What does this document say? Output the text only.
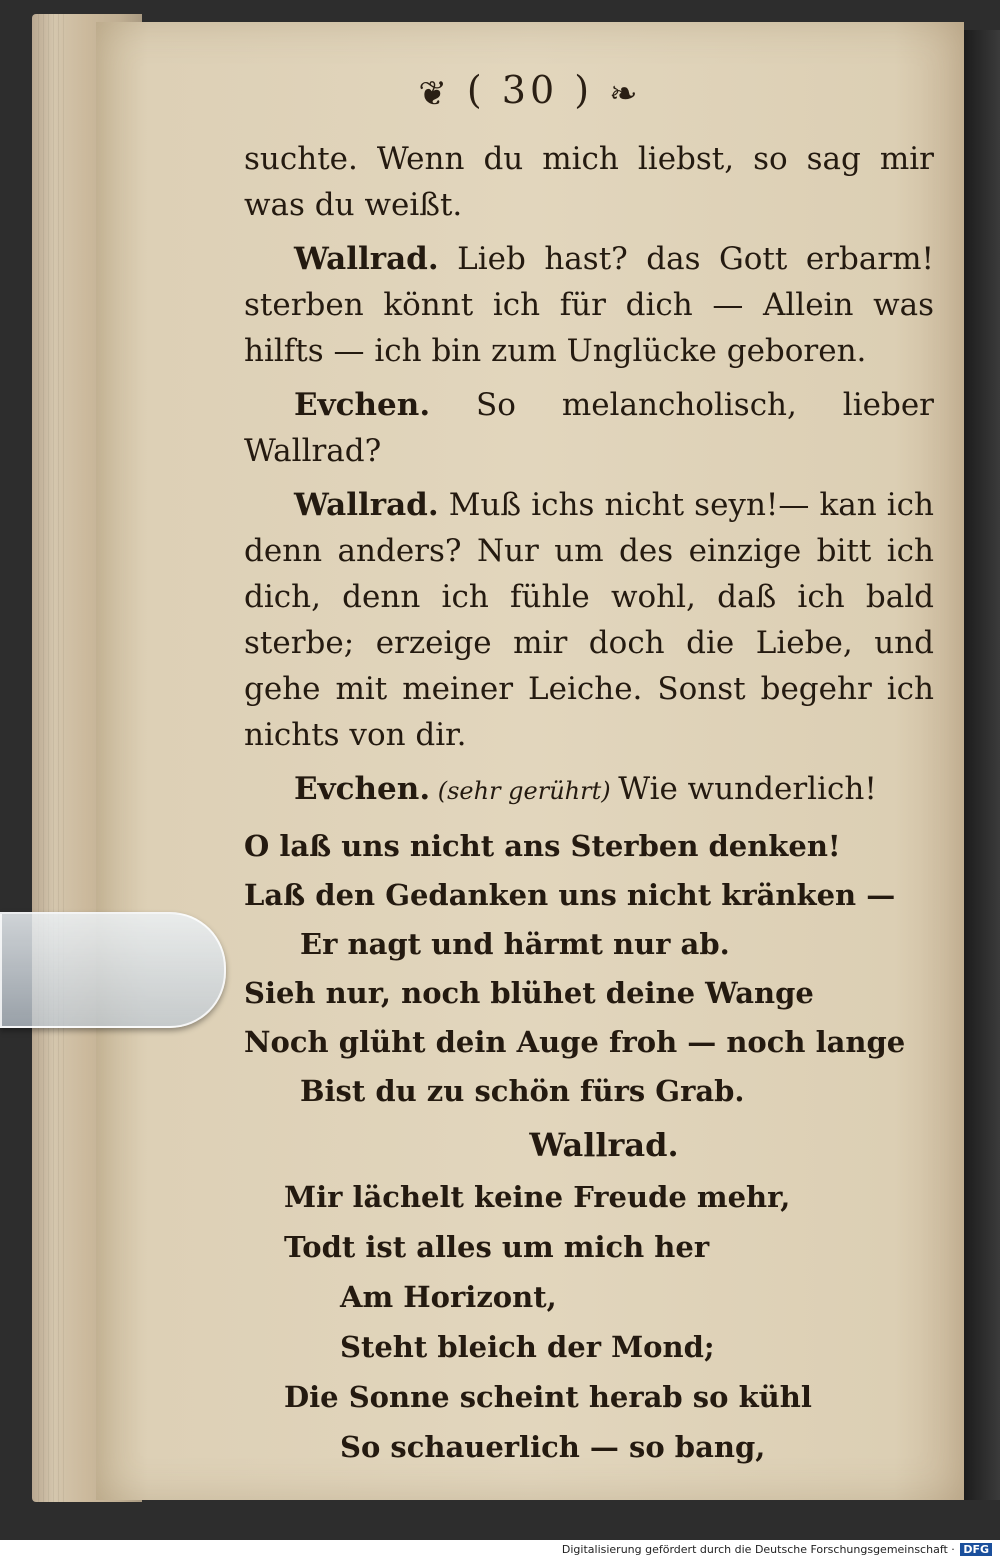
❦ ( 30 ) ❧

suchte. Wenn du mich liebst, so sag mir was du weißt.

Wallrad. Lieb hast? das Gott erbarm! sterben könnt ich für dich — Allein was hilfts — ich bin zum Unglücke geboren.

Evchen. So melancholisch, lieber Wallrad?

Wallrad. Muß ichs nicht seyn!— kan ich denn anders? Nur um des einzige bitt ich dich, denn ich fühle wohl, daß ich bald sterbe; erzeige mir doch die Liebe, und gehe mit meiner Leiche. Sonst begehr ich nichts von dir.

Evchen. (sehr gerührt) Wie wunderlich!

O laß uns nicht ans Sterben denken!
Laß den Gedanken uns nicht kränken —
Er nagt und härmt nur ab.
Sieh nur, noch blühet deine Wange
Noch glüht dein Auge froh — noch lange
Bist du zu schön fürs Grab.
Wallrad.
Mir lächelt keine Freude mehr,
Todt ist alles um mich her
Am Horizont,
Steht bleich der Mond;
Die Sonne scheint herab so kühl
So schauerlich — so bang,
Digitalisierung gefördert durch die Deutsche Forschungsgemeinschaft · DFG
